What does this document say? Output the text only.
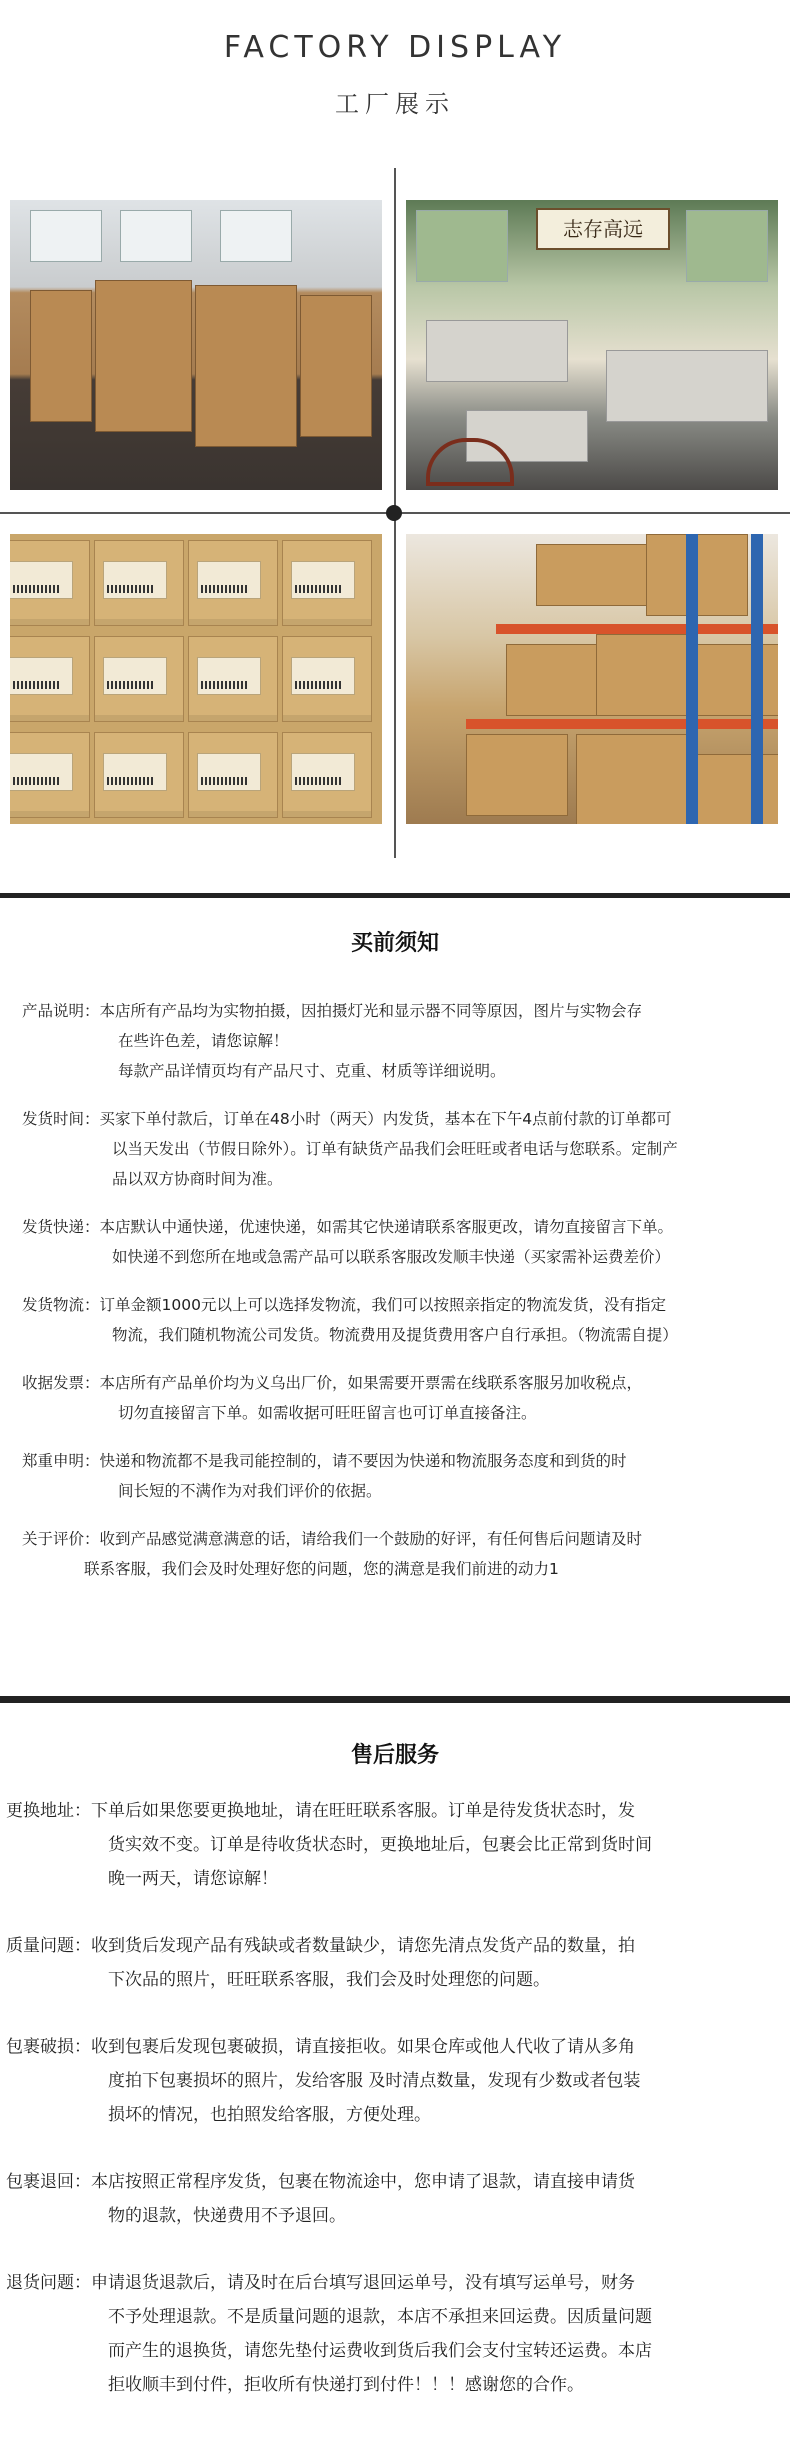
FACTORY DISPLAY
工厂展示
志存高远
买前须知
产品说明：本店所有产品均为实物拍摄，因拍摄灯光和显示器不同等原因，图片与实物会存
在些许色差，请您谅解！
每款产品详情页均有产品尺寸、克重、材质等详细说明。
发货时间：买家下单付款后，订单在48小时（两天）内发货，基本在下午4点前付款的订单都可
以当天发出（节假日除外）。订单有缺货产品我们会旺旺或者电话与您联系。定制产
品以双方协商时间为准。
发货快递：本店默认中通快递，优速快递，如需其它快递请联系客服更改，请勿直接留言下单。
如快递不到您所在地或急需产品可以联系客服改发顺丰快递（买家需补运费差价）
发货物流：订单金额1000元以上可以选择发物流，我们可以按照亲指定的物流发货，没有指定
物流，我们随机物流公司发货。物流费用及提货费用客户自行承担。（物流需自提）
收据发票：本店所有产品单价均为义乌出厂价，如果需要开票需在线联系客服另加收税点，
切勿直接留言下单。如需收据可旺旺留言也可订单直接备注。
郑重申明：快递和物流都不是我司能控制的，请不要因为快递和物流服务态度和到货的时
间长短的不满作为对我们评价的依据。
关于评价：收到产品感觉满意满意的话，请给我们一个鼓励的好评，有任何售后问题请及时
联系客服，我们会及时处理好您的问题，您的满意是我们前进的动力1
售后服务
更换地址：下单后如果您要更换地址，请在旺旺联系客服。订单是待发货状态时，发
货实效不变。订单是待收货状态时，更换地址后，包裹会比正常到货时间
晚一两天，请您谅解！
质量问题：收到货后发现产品有残缺或者数量缺少，请您先清点发货产品的数量，拍
下次品的照片，旺旺联系客服，我们会及时处理您的问题。
包裹破损：收到包裹后发现包裹破损，请直接拒收。如果仓库或他人代收了请从多角
度拍下包裹损坏的照片，发给客服 及时清点数量，发现有少数或者包装
损坏的情况，也拍照发给客服，方便处理。
包裹退回：本店按照正常程序发货，包裹在物流途中，您申请了退款，请直接申请货
物的退款，快递费用不予退回。
退货问题：申请退货退款后，请及时在后台填写退回运单号，没有填写运单号，财务
不予处理退款。不是质量问题的退款，本店不承担来回运费。因质量问题
而产生的退换货，请您先垫付运费收到货后我们会支付宝转还运费。本店
拒收顺丰到付件，拒收所有快递打到付件！！！感谢您的合作。
